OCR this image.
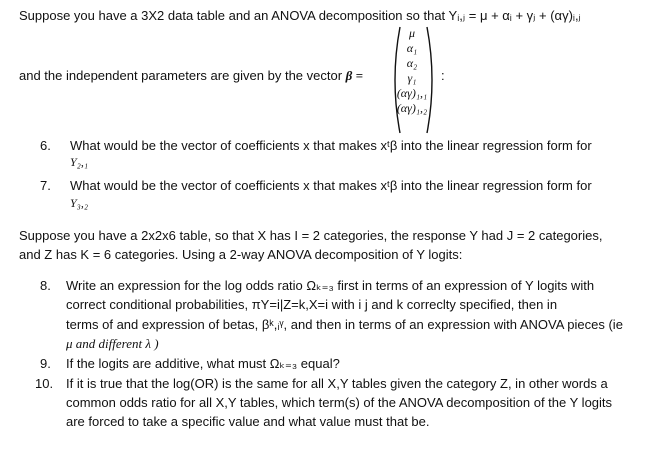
Suppose you have a 3X2 data table and an ANOVA decomposition so that Yᵢ,ⱼ = μ + αᵢ + γⱼ + (αγ)ᵢ,ⱼ
and the independent parameters are given by the vector β =
μ
α₁
α₂
γ₁
(αγ)₁,₁
(αγ)₁,₂
:
6. What would be the vector of coefficients x that makes xᵗβ into the linear regression form for
Y₂,₁
7. What would be the vector of coefficients x that makes xᵗβ into the linear regression form for
Y₃,₂
Suppose you have a 2x2x6 table, so that X has I = 2 categories, the response Y had J = 2 categories,
and Z has K = 6 categories. Using a 2-way ANOVA decomposition of Y logits:
8. Write an expression for the log odds ratio Ωₖ₌₃ first in terms of an expression of Y logits with
correct conditional probabilities, πY=i|Z=k,X=i with i j and k correclty specified, then in
terms of and expression of betas, βᵏ,ᵢᵞ, and then in terms of an expression with ANOVA pieces (ie
μ and different λ )
9. If the logits are additive, what must Ωₖ₌₃ equal?
10. If it is true that the log(OR) is the same for all X,Y tables given the category Z, in other words a
common odds ratio for all X,Y tables, which term(s) of the ANOVA decomposition of the Y logits
are forced to take a specific value and what value must that be.
